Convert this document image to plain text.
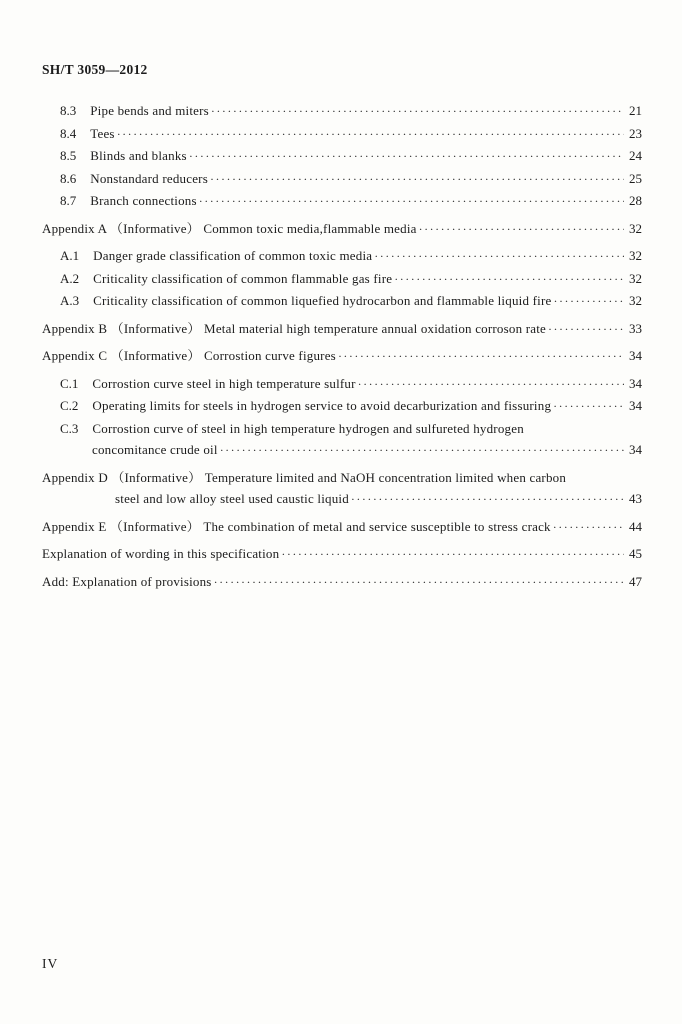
SH/T 3059—2012
8.3 Pipe bends and miters ·····	21
8.4 Tees ·····	23
8.5 Blinds and blanks ·····	24
8.6 Nonstandard reducers ·····	25
8.7 Branch connections ·····	28
Appendix A （Informative） Common toxic media,flammable media ·····	32
A.1 Danger grade classification of common toxic media ·····	32
A.2 Criticality classification of common flammable gas fire ·····	32
A.3 Criticality classification of common liquefied hydrocarbon and flammable liquid fire ·····	32
Appendix B （Informative） Metal material high temperature annual oxidation corroson rate ·····	33
Appendix C （Informative） Corrostion curve figures ·····	34
C.1 Corrostion curve steel in high temperature sulfur ·····	34
C.2 Operating limits for steels in hydrogen service to avoid decarburization and fissuring ·····	34
C.3 Corrostion curve of steel in high temperature hydrogen and sulfureted hydrogen
concomitance crude oil ·····	34
Appendix D （Informative） Temperature limited and NaOH concentration limited when carbon
steel and low alloy steel used caustic liquid ·····	43
Appendix E （Informative） The combination of metal and service susceptible to stress crack ·····	44
Explanation of wording in this specification ·····	45
Add: Explanation of provisions ·····	47
IV
